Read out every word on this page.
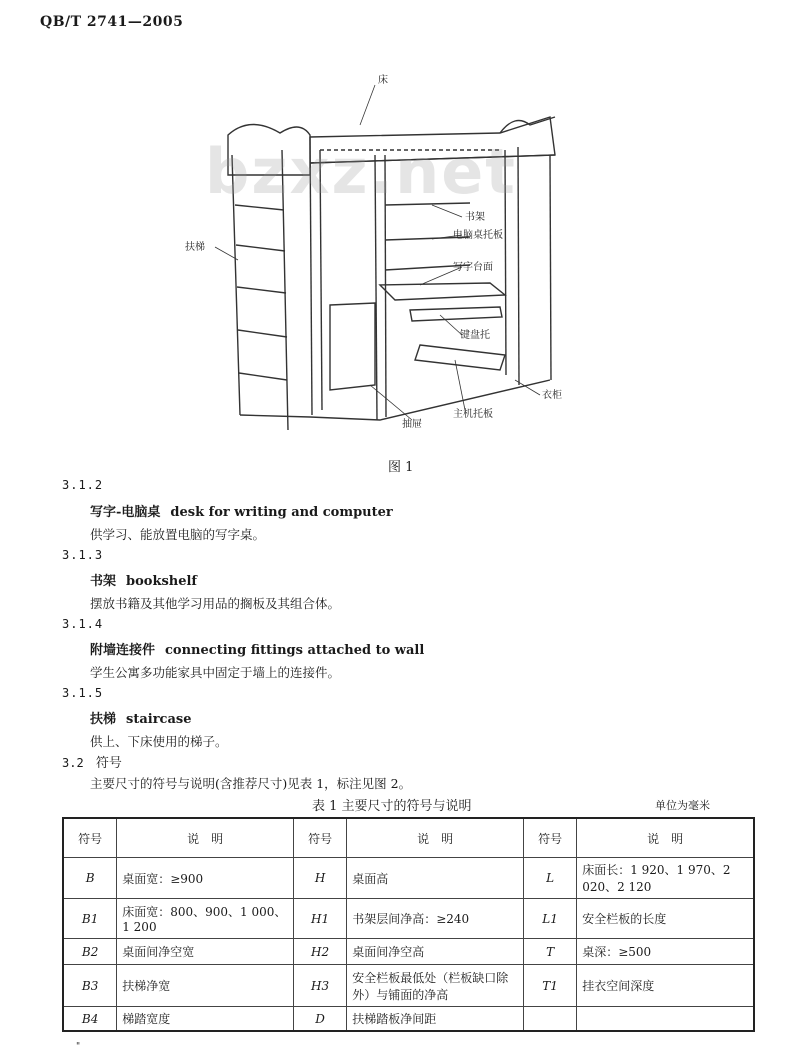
QB/T 2741—2005
床
书架
电脑桌托板
写字台面
键盘托
扶梯
抽屉
主机托板
衣柜
bzxz.net
图 1
3.1.2
写字-电脑桌 desk for writing and computer
供学习、能放置电脑的写字桌。
3.1.3
书架 bookshelf
摆放书籍及其他学习用品的搁板及其组合体。
3.1.4
附墙连接件 connecting fittings attached to wall
学生公寓多功能家具中固定于墙上的连接件。
3.1.5
扶梯 staircase
供上、下床使用的梯子。
3.2 符号
主要尺寸的符号与说明(含推荐尺寸)见表 1，标注见图 2。
表 1 主要尺寸的符号与说明	单位为毫米
符号	说　明	符号	说　明	符号	说　明
B	桌面宽：≥900	H	桌面高	L	床面长：1 920、1 970、2 020、2 120
B1	床面宽：800、900、1 000、1 200	H1	书架层间净高：≥240	L1	安全栏板的长度
B2	桌面间净空宽	H2	桌面间净空高	T	桌深：≥500
B3	扶梯净宽	H3	安全栏板最低处（栏板缺口除外）与铺面的净高	T1	挂衣空间深度
B4	梯踏宽度	D	扶梯踏板净间距		
"
